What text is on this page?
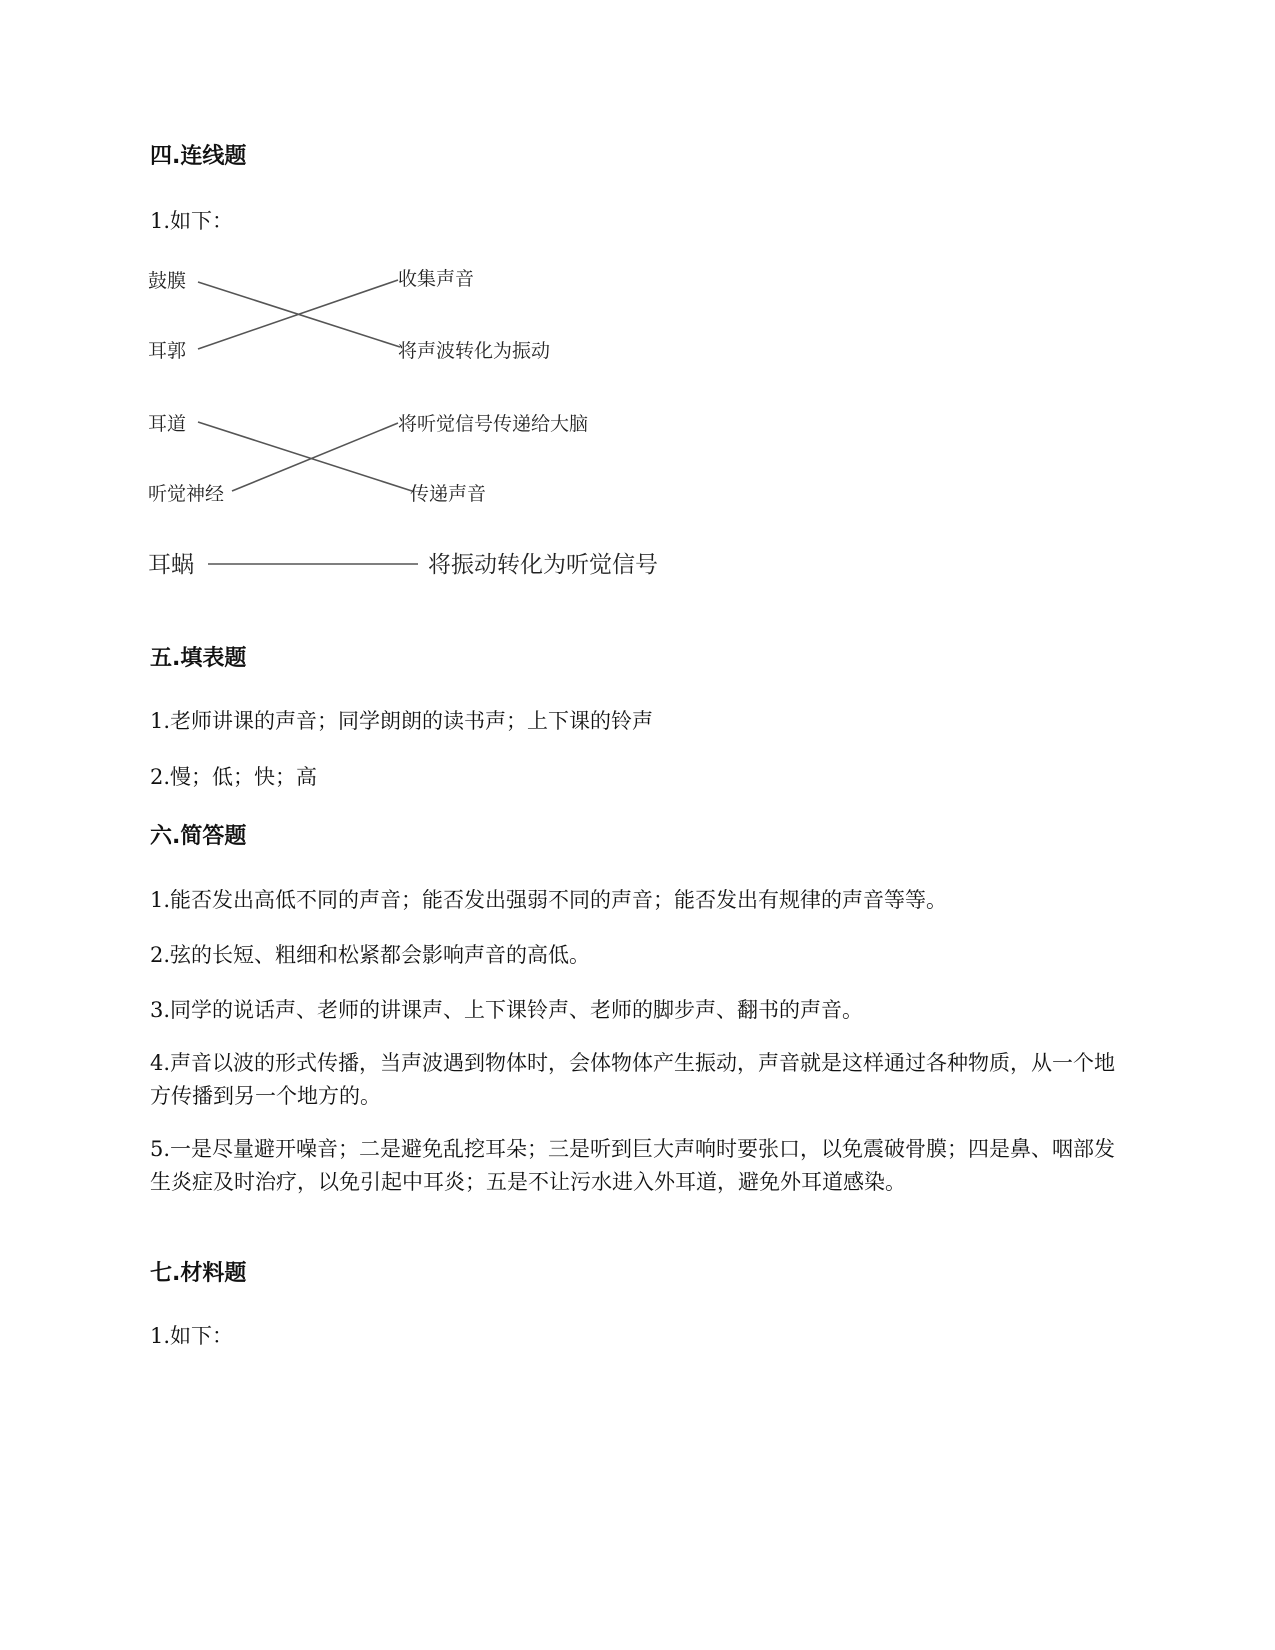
四.连线题

1.如下：

鼓膜
耳郭
耳道
听觉神经
耳蜗
收集声音
将声波转化为振动
将听觉信号传递给大脑
传递声音
将振动转化为听觉信号
五.填表题

1.老师讲课的声音；同学朗朗的读书声；上下课的铃声

2.慢；低；快；高

六.简答题

1.能否发出高低不同的声音；能否发出强弱不同的声音；能否发出有规律的声音等等。

2.弦的长短、粗细和松紧都会影响声音的高低。

3.同学的说话声、老师的讲课声、上下课铃声、老师的脚步声、翻书的声音。

4.声音以波的形式传播，当声波遇到物体时，会体物体产生振动，声音就是这样通过各种物质，从一个地方传播到另一个地方的。

5.一是尽量避开噪音；二是避免乱挖耳朵；三是听到巨大声响时要张口，以免震破骨膜；四是鼻、咽部发生炎症及时治疗，以免引起中耳炎；五是不让污水进入外耳道，避免外耳道感染。

七.材料题

1.如下：
